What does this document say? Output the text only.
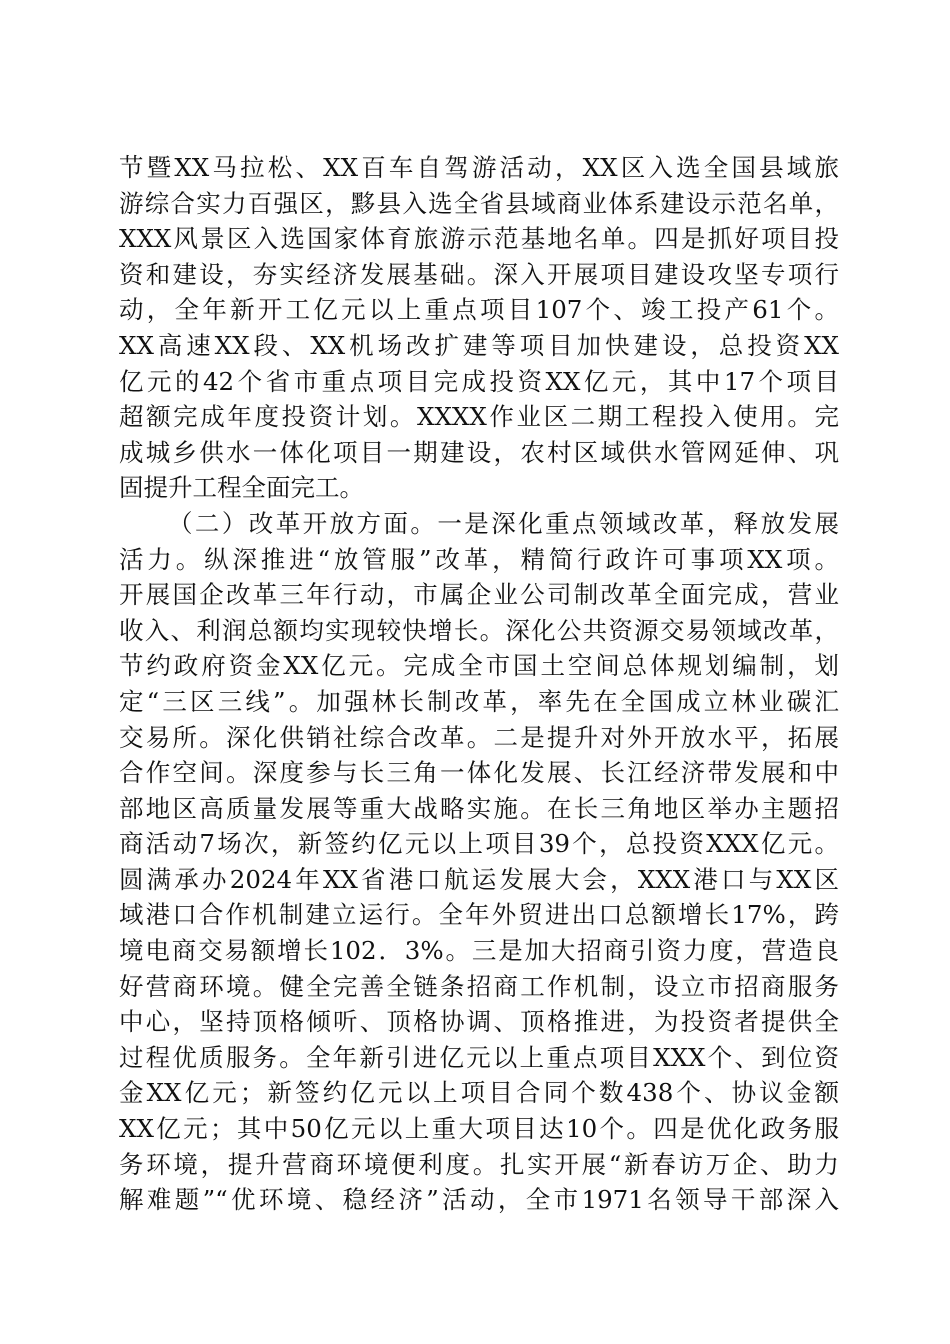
节暨XX马拉松、XX百车自驾游活动，XX区入选全国县域旅
游综合实力百强区，黟县入选全省县域商业体系建设示范名单，
XXX风景区入选国家体育旅游示范基地名单。四是抓好项目投
资和建设，夯实经济发展基础。深入开展项目建设攻坚专项行
动，全年新开工亿元以上重点项目107个、竣工投产61个。
XX高速XX段、XX机场改扩建等项目加快建设，总投资XX
亿元的42个省市重点项目完成投资XX亿元，其中17个项目
超额完成年度投资计划。XXXX作业区二期工程投入使用。完
成城乡供水一体化项目一期建设，农村区域供水管网延伸、巩
固提升工程全面完工。
（二）改革开放方面。一是深化重点领域改革，释放发展
活力。纵深推进“放管服”改革，精简行政许可事项XX项。
开展国企改革三年行动，市属企业公司制改革全面完成，营业
收入、利润总额均实现较快增长。深化公共资源交易领域改革，
节约政府资金XX亿元。完成全市国土空间总体规划编制，划
定“三区三线”。加强林长制改革，率先在全国成立林业碳汇
交易所。深化供销社综合改革。二是提升对外开放水平，拓展
合作空间。深度参与长三角一体化发展、长江经济带发展和中
部地区高质量发展等重大战略实施。在长三角地区举办主题招
商活动7场次，新签约亿元以上项目39个，总投资XXX亿元。
圆满承办2024年XX省港口航运发展大会，XXX港口与XX区
域港口合作机制建立运行。全年外贸进出口总额增长17%，跨
境电商交易额增长102．3%。三是加大招商引资力度，营造良
好营商环境。健全完善全链条招商工作机制，设立市招商服务
中心，坚持顶格倾听、顶格协调、顶格推进，为投资者提供全
过程优质服务。全年新引进亿元以上重点项目XXX个、到位资
金XX亿元；新签约亿元以上项目合同个数438个、协议金额
XX亿元；其中50亿元以上重大项目达10个。四是优化政务服
务环境，提升营商环境便利度。扎实开展“新春访万企、助力
解难题”“优环境、稳经济”活动，全市1971名领导干部深入
